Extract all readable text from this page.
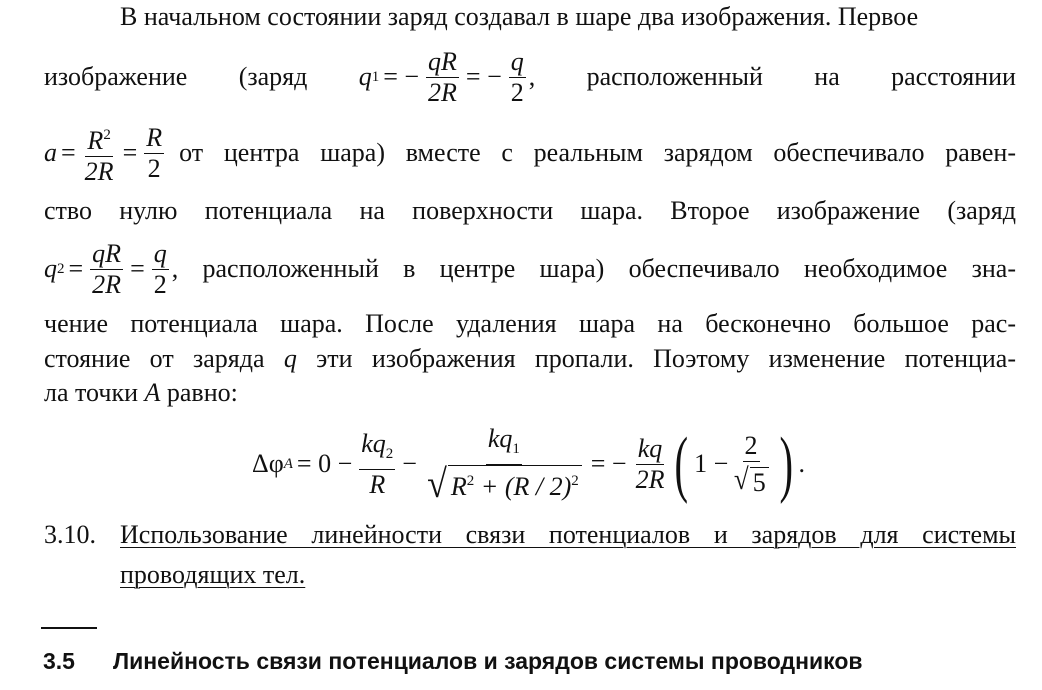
В начальном состоянии заряд создавал в шаре два изображения. Первое
изображение (заряд q 1 = − $\frac{qR}{2R}$ = − $\frac{q}{2}$ , расположенный на расстоянии
$a = \frac{R^2}{2R} = \frac{R}{2}$ от центра шара) вместе с реальным зарядом обеспечивало равен-
ство нулю потенциала на поверхности шара. Второе изображение (заряд
q $2 = \frac{qR}{2R} = \frac{q}{2}$ , расположенный в центре шара) обеспечивало необходимое зна-
чение потенциала шара. После удаления шара на бесконечно большое рас-
стояние от заряда q эти изображения пропали. Поэтому изменение потенциа-
ла точки A равно:
Δφ $A = 0 - \frac{kq_2}{R} - \frac{kq_1}{√ R^2 + (R / 2)^2}$ = − $\frac{kq}{2R}$ ( $1 - \frac{2}{√ 5}$ ) .
3.10. Использование линейности связи потенциалов и зарядов для системы
проводящих тел.
3.5 Линейность связи потенциалов и зарядов системы проводников
